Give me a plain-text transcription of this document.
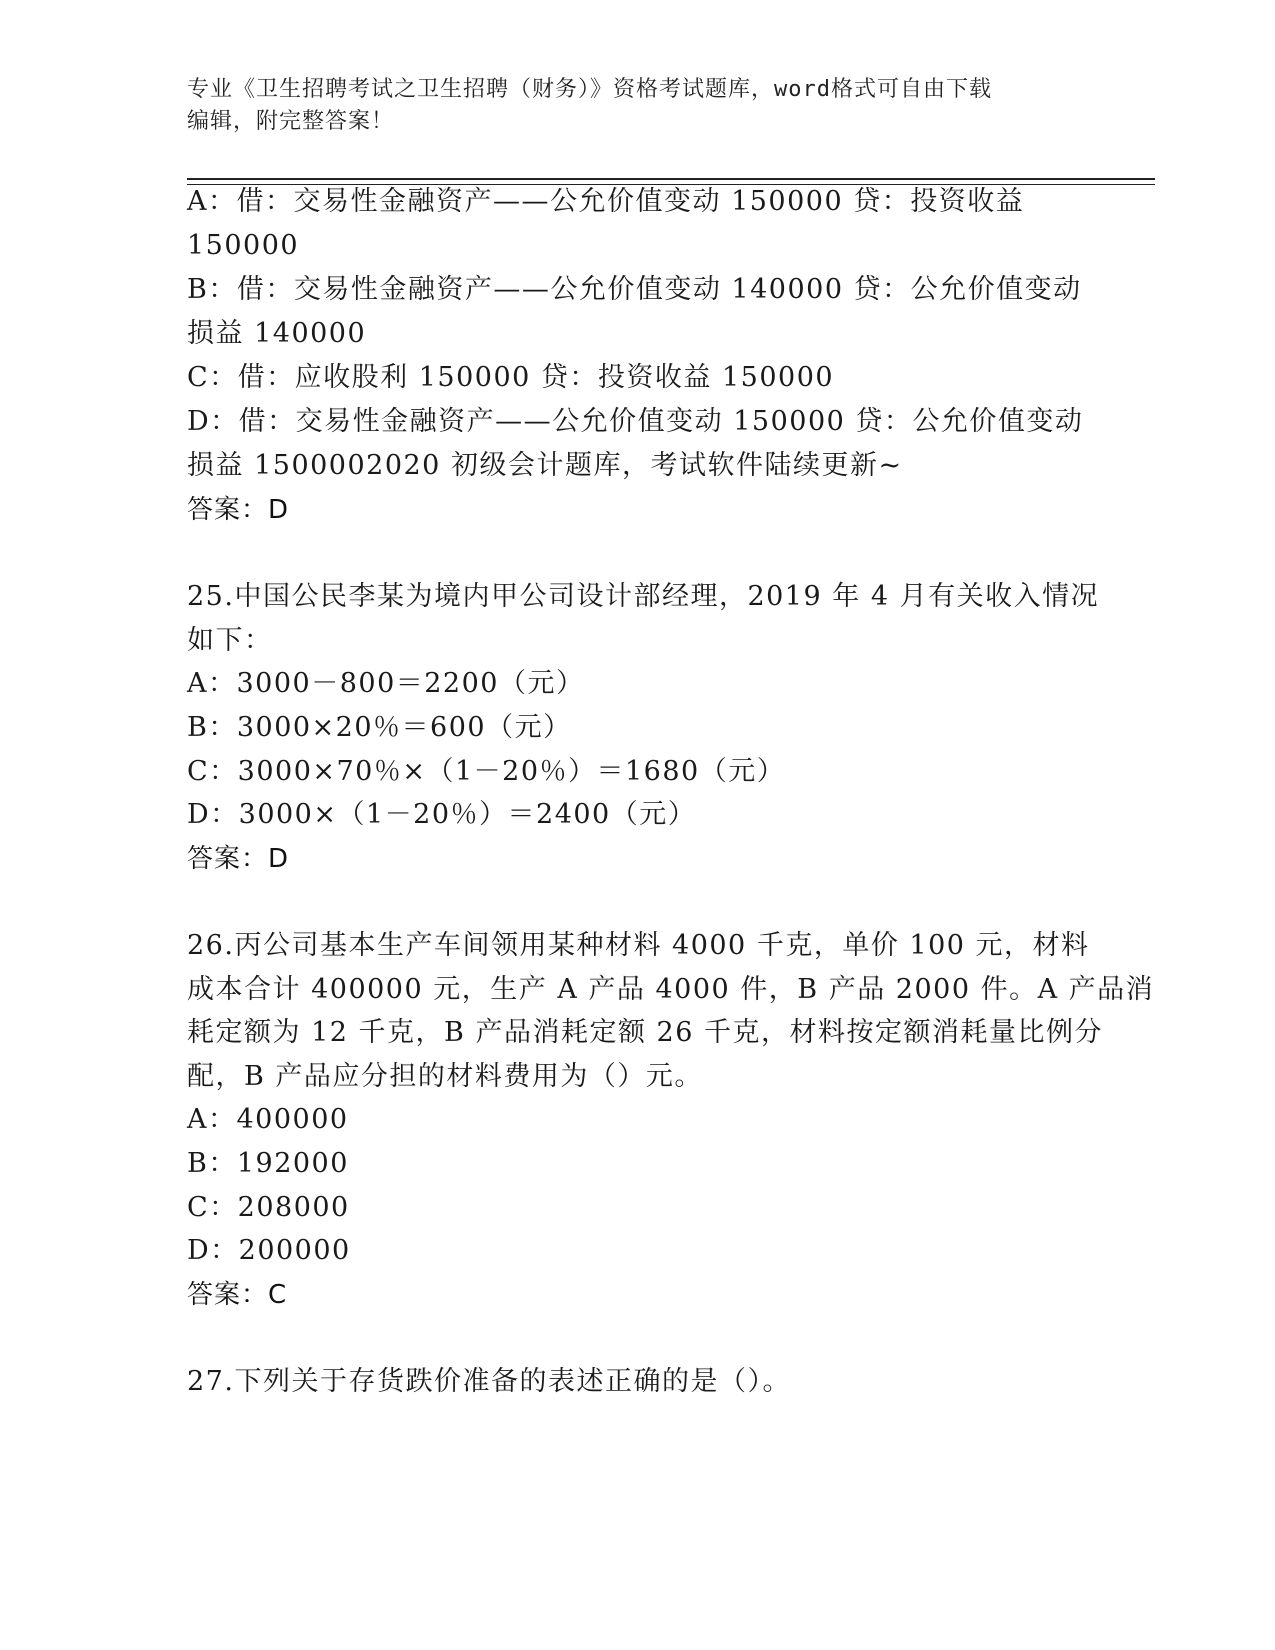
专业《卫生招聘考试之卫生招聘（财务）》资格考试题库，word格式可自由下载
编辑，附完整答案！
A：借：交易性金融资产——公允价值变动 150000 贷：投资收益
150000
B：借：交易性金融资产——公允价值变动 140000 贷：公允价值变动
损益 140000
C：借：应收股利 150000 贷：投资收益 150000
D：借：交易性金融资产——公允价值变动 150000 贷：公允价值变动
损益 1500002020 初级会计题库，考试软件陆续更新~
答案：D
25.中国公民李某为境内甲公司设计部经理，2019 年 4 月有关收入情况
如下：
A：3000－800＝2200（元）
B：3000×20％＝600（元）
C：3000×70％×（1－20％）＝1680（元）
D：3000×（1－20％）＝2400（元）
答案：D
26.丙公司基本生产车间领用某种材料 4000 千克，单价 100 元，材料
成本合计 400000 元，生产 A 产品 4000 件，B 产品 2000 件。A 产品消
耗定额为 12 千克，B 产品消耗定额 26 千克，材料按定额消耗量比例分
配，B 产品应分担的材料费用为（）元。
A：400000
B：192000
C：208000
D：200000
答案：C
27.下列关于存货跌价准备的表述正确的是（）。
